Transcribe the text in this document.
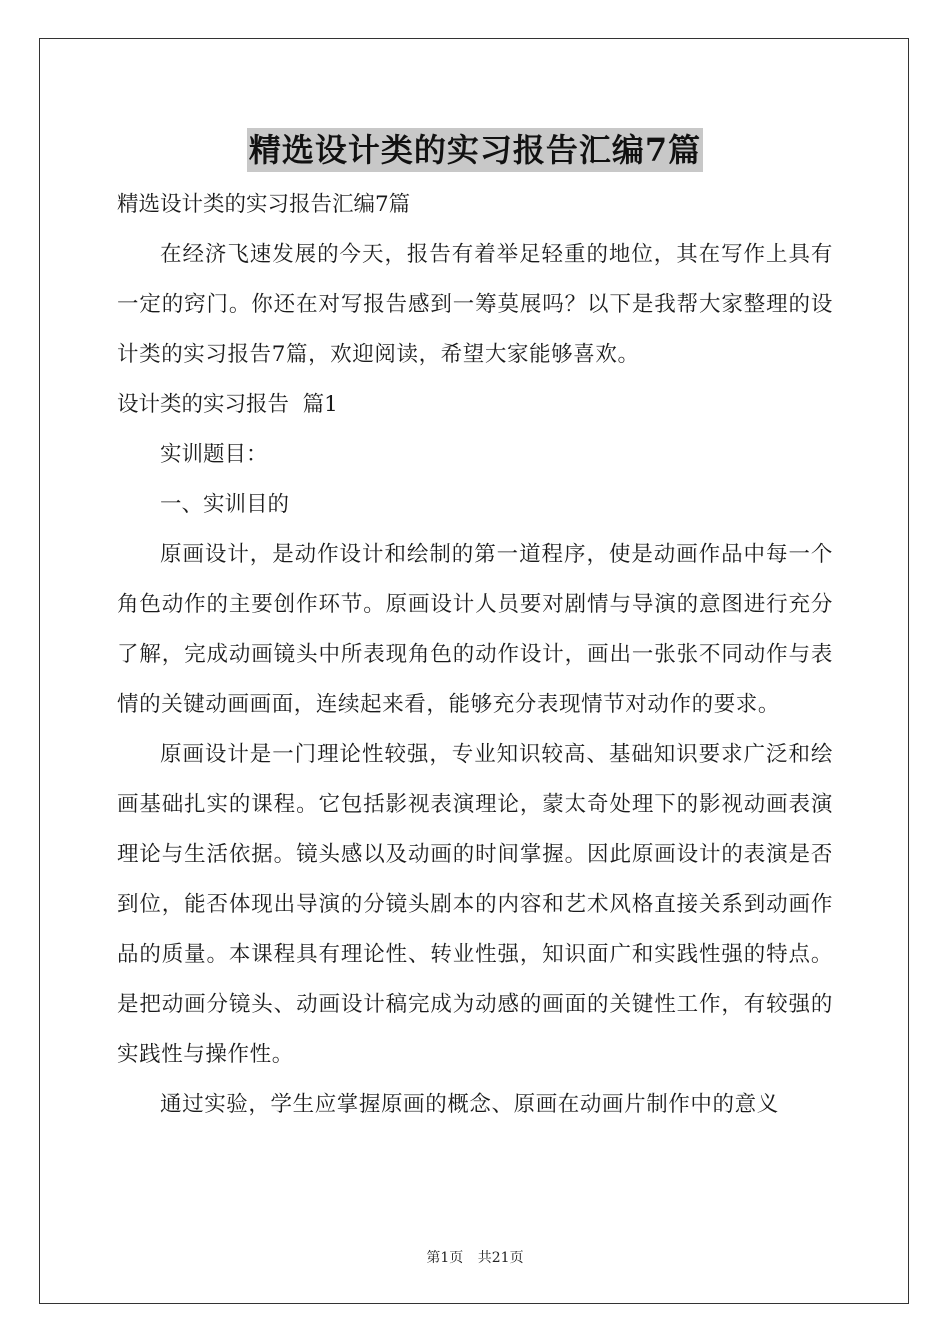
精选设计类的实习报告汇编7篇
精选设计类的实习报告汇编7篇

在经济飞速发展的今天，报告有着举足轻重的地位，其在写作上具有一定的窍门。你还在对写报告感到一筹莫展吗？以下是我帮大家整理的设计类的实习报告7篇，欢迎阅读，希望大家能够喜欢。

设计类的实习报告  篇1
实训题目：
一、实训目的

原画设计，是动作设计和绘制的第一道程序，使是动画作品中每一个角色动作的主要创作环节。原画设计人员要对剧情与导演的意图进行充分了解，完成动画镜头中所表现角色的动作设计，画出一张张不同动作与表情的关键动画画面，连续起来看，能够充分表现情节对动作的要求。

原画设计是一门理论性较强，专业知识较高、基础知识要求广泛和绘画基础扎实的课程。它包括影视表演理论，蒙太奇处理下的影视动画表演理论与生活依据。镜头感以及动画的时间掌握。因此原画设计的表演是否到位，能否体现出导演的分镜头剧本的内容和艺术风格直接关系到动画作品的质量。本课程具有理论性、转业性强，知识面广和实践性强的特点。是把动画分镜头、动画设计稿完成为动感的画面的关键性工作，有较强的实践性与操作性。

通过实验，学生应掌握原画的概念、原画在动画片制作中的意义

第1页 共21页
